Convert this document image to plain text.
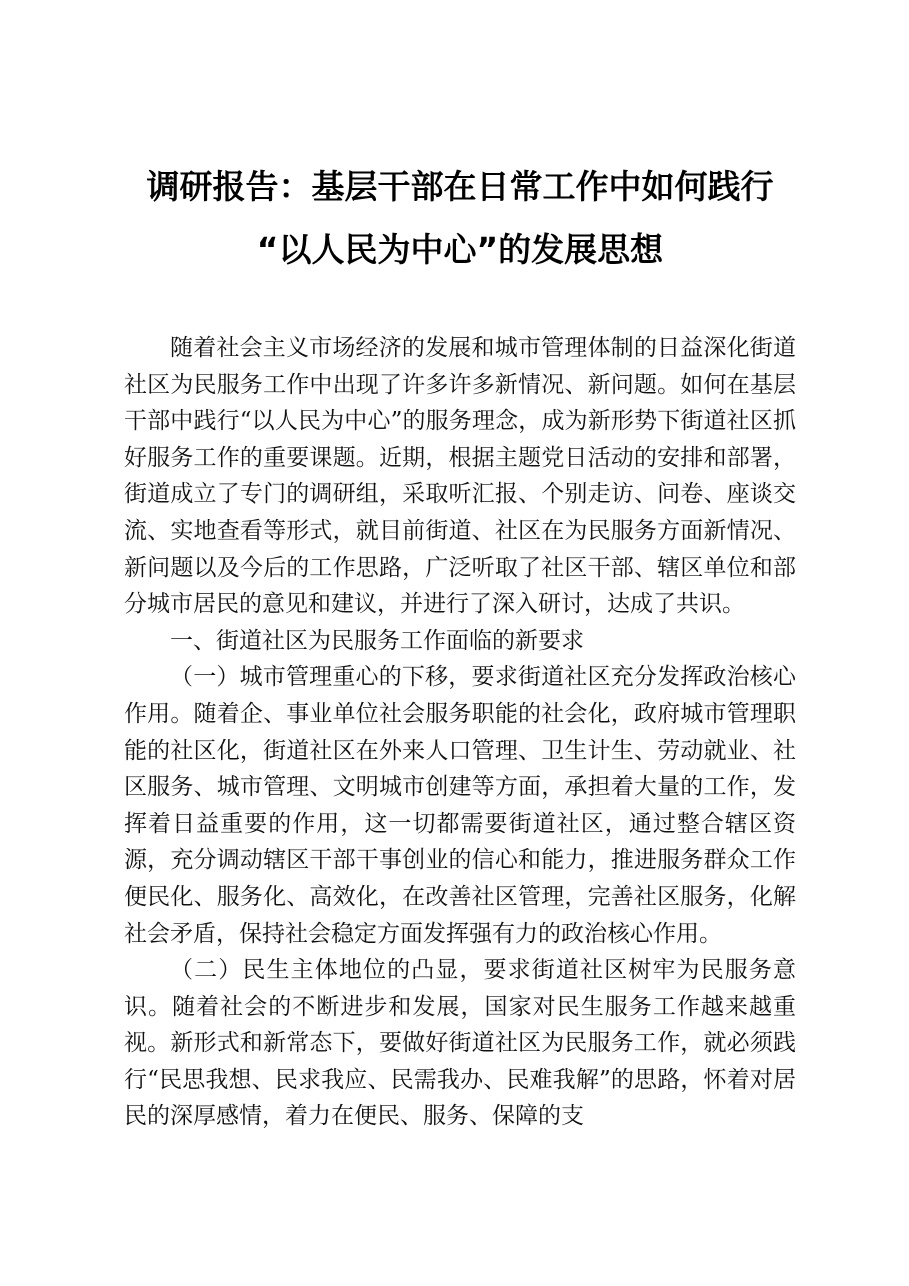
调研报告：基层干部在日常工作中如何践行
“以人民为中心”的发展思想

随着社会主义市场经济的发展和城市管理体制的日益深化街道社区为民服务工作中出现了许多许多新情况、新问题。如何在基层干部中践行“以人民为中心”的服务理念，成为新形势下街道社区抓好服务工作的重要课题。近期，根据主题党日活动的安排和部署，街道成立了专门的调研组，采取听汇报、个别走访、问卷、座谈交流、实地查看等形式，就目前街道、社区在为民服务方面新情况、新问题以及今后的工作思路，广泛听取了社区干部、辖区单位和部分城市居民的意见和建议，并进行了深入研讨，达成了共识。

一、街道社区为民服务工作面临的新要求

（一）城市管理重心的下移，要求街道社区充分发挥政治核心作用。随着企、事业单位社会服务职能的社会化，政府城市管理职能的社区化，街道社区在外来人口管理、卫生计生、劳动就业、社区服务、城市管理、文明城市创建等方面，承担着大量的工作，发挥着日益重要的作用，这一切都需要街道社区，通过整合辖区资源，充分调动辖区干部干事创业的信心和能力，推进服务群众工作便民化、服务化、高效化，在改善社区管理，完善社区服务，化解社会矛盾，保持社会稳定方面发挥强有力的政治核心作用。

（二）民生主体地位的凸显，要求街道社区树牢为民服务意识。随着社会的不断进步和发展，国家对民生服务工作越来越重视。新形式和新常态下，要做好街道社区为民服务工作，就必须践行“民思我想、民求我应、民需我办、民难我解”的思路，怀着对居民的深厚感情，着力在便民、服务、保障的支
